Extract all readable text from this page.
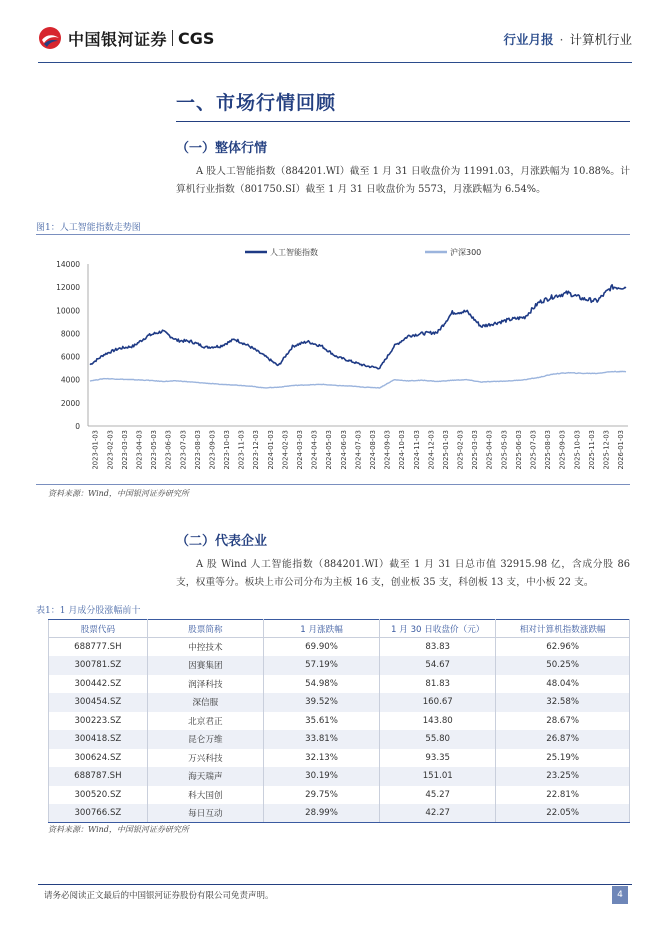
中国银河证券 CGS	行业月报 · 计算机行业
一、市场行情回顾
（一）整体行情
A 股人工智能指数（884201.WI）截至 1 月 31 日收盘价为 11991.03，月涨跌幅为 10.88%。计算机行业指数（801750.SI）截至 1 月 31 日收盘价为 5573，月涨跌幅为 6.54%。
图1：人工智能指数走势图
人工智能指数	沪深300
0
2000
4000
6000
8000
10000
12000
14000
2023-01-03 2023-02-03 2023-03-03 2023-04-03 2023-05-03 2023-06-03 2023-07-03 2023-08-03 2023-09-03 2023-10-03 2023-11-03 2023-12-03 2024-01-03 2024-02-03 2024-03-03 2024-04-03 2024-05-03 2024-06-03 2024-07-03 2024-08-03 2024-09-03 2024-10-03 2024-11-03 2024-12-03 2025-01-03 2025-02-03 2025-03-03 2025-04-03 2025-05-03 2025-06-03 2025-07-03 2025-08-03 2025-09-03 2025-10-03 2025-11-03 2025-12-03 2026-01-03
资料来源：Wind，中国银河证券研究所
（二）代表企业
A 股 Wind 人工智能指数（884201.WI）截至 1 月 31 日总市值 32915.98 亿，含成分股 86 支，权重等分。板块上市公司分布为主板 16 支，创业板 35 支，科创板 13 支，中小板 22 支。
表1：1 月成分股涨幅前十
股票代码	股票简称	1 月涨跌幅	1 月 30 日收盘价（元）	相对计算机指数涨跌幅
688777.SH	中控技术	69.90%	83.83	62.96%
300781.SZ	因赛集团	57.19%	54.67	50.25%
300442.SZ	润泽科技	54.98%	81.83	48.04%
300454.SZ	深信服	39.52%	160.67	32.58%
300223.SZ	北京君正	35.61%	143.80	28.67%
300418.SZ	昆仑万维	33.81%	55.80	26.87%
300624.SZ	万兴科技	32.13%	93.35	25.19%
688787.SH	海天瑞声	30.19%	151.01	23.25%
300520.SZ	科大国创	29.75%	45.27	22.81%
300766.SZ	每日互动	28.99%	42.27	22.05%
资料来源：Wind，中国银河证券研究所
请务必阅读正文最后的中国银河证券股份有限公司免责声明。	4
